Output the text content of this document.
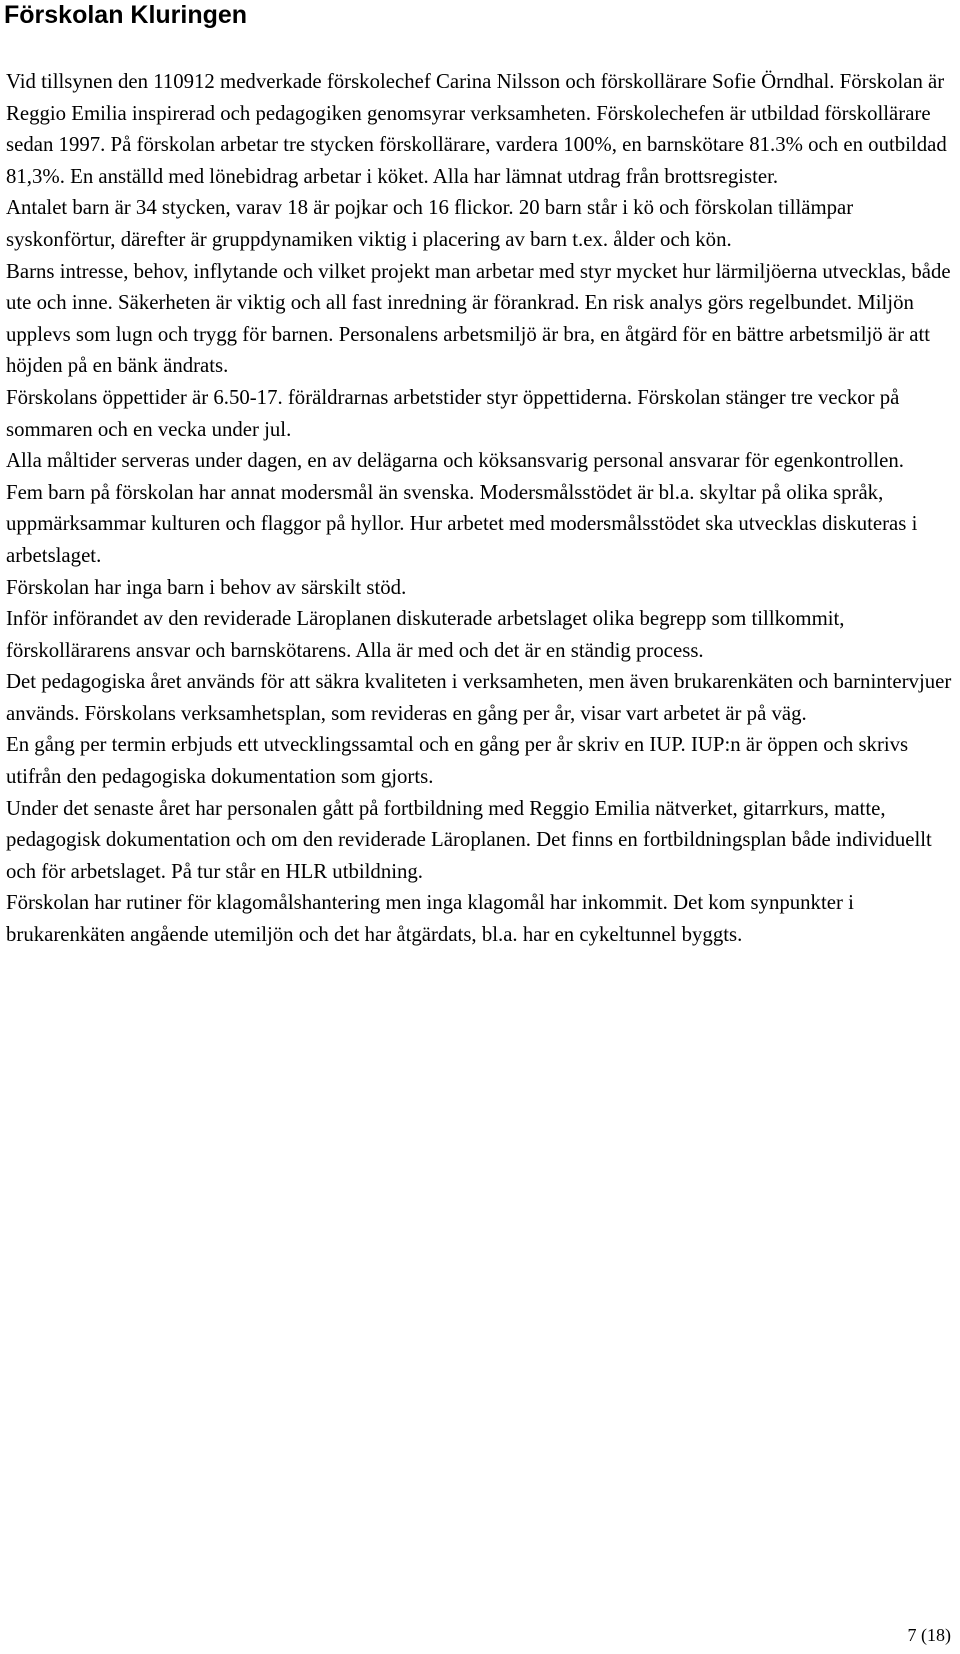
Förskolan Kluringen

Vid tillsynen den 110912 medverkade förskolechef Carina Nilsson och förskollärare Sofie Örndhal. Förskolan är Reggio Emilia inspirerad och pedagogiken genomsyrar verksamheten. Förskolechefen är utbildad förskollärare sedan 1997. På förskolan arbetar tre stycken förskollärare, vardera 100%, en barnskötare 81.3% och en outbildad 81,3%. En anställd med lönebidrag arbetar i köket. Alla har lämnat utdrag från brottsregister.

Antalet barn är 34 stycken, varav 18 är pojkar och 16 flickor. 20 barn står i kö och förskolan tillämpar syskonförtur, därefter är gruppdynamiken viktig i placering av barn t.ex. ålder och kön.

Barns intresse, behov, inflytande och vilket projekt man arbetar med styr mycket hur lärmiljöerna utvecklas, både ute och inne. Säkerheten är viktig och all fast inredning är förankrad. En risk analys görs regelbundet. Miljön upplevs som lugn och trygg för barnen. Personalens arbetsmiljö är bra, en åtgärd för en bättre arbetsmiljö är att höjden på en bänk ändrats.

Förskolans öppettider är 6.50-17. föräldrarnas arbetstider styr öppettiderna. Förskolan stänger tre veckor på sommaren och en vecka under jul.

Alla måltider serveras under dagen, en av delägarna och köksansvarig personal ansvarar för egenkontrollen.

Fem barn på förskolan har annat modersmål än svenska. Modersmålsstödet är bl.a. skyltar på olika språk, uppmärksammar kulturen och flaggor på hyllor. Hur arbetet med modersmålsstödet ska utvecklas diskuteras i arbetslaget.

Förskolan har inga barn i behov av särskilt stöd.

Inför införandet av den reviderade Läroplanen diskuterade arbetslaget olika begrepp som tillkommit, förskollärarens ansvar och barnskötarens. Alla är med och det är en ständig process.

Det pedagogiska året används för att säkra kvaliteten i verksamheten, men även brukarenkäten och barnintervjuer används. Förskolans verksamhetsplan, som revideras en gång per år, visar vart arbetet är på väg.

En gång per termin erbjuds ett utvecklingssamtal och en gång per år skriv en IUP. IUP:n är öppen och skrivs utifrån den pedagogiska dokumentation som gjorts.

Under det senaste året har personalen gått på fortbildning med Reggio Emilia nätverket, gitarrkurs, matte, pedagogisk dokumentation och om den reviderade Läroplanen. Det finns en fortbildningsplan både individuellt och för arbetslaget. På tur står en HLR utbildning.

Förskolan har rutiner för klagomålshantering men inga klagomål har inkommit. Det kom synpunkter i brukarenkäten angående utemiljön och det har åtgärdats, bl.a. har en cykeltunnel byggts.

7 (18)
